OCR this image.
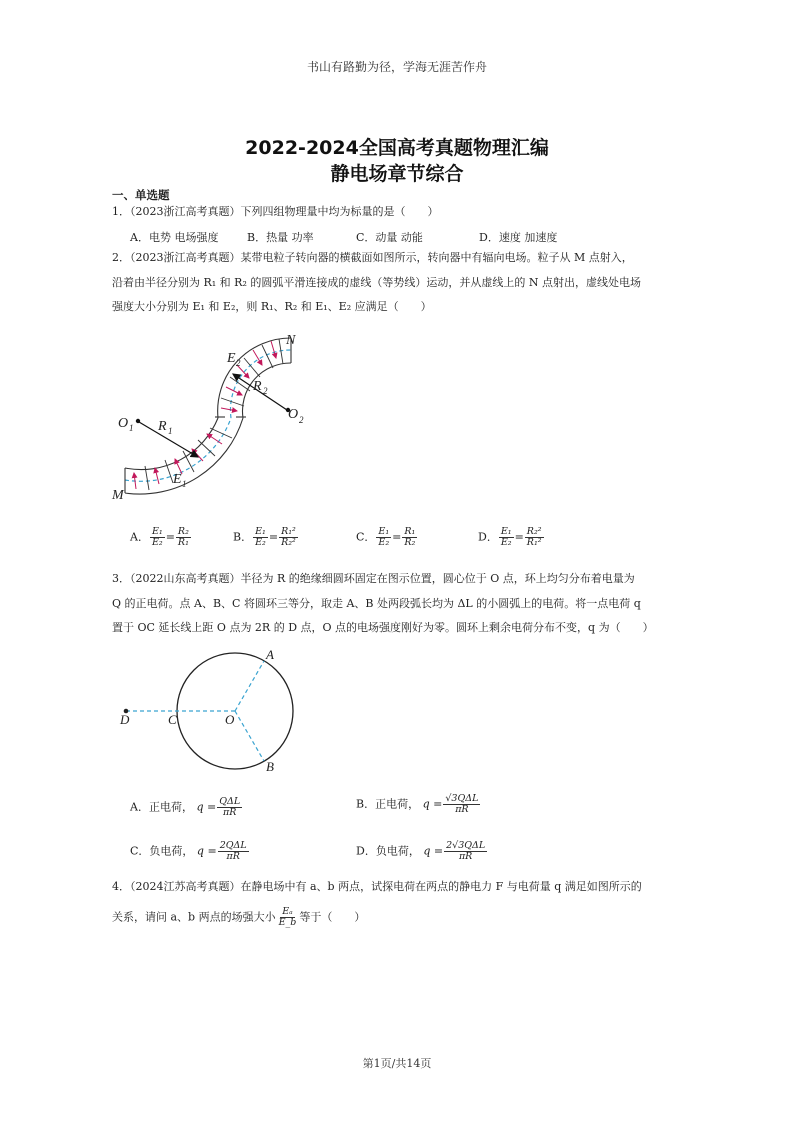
书山有路勤为径，学海无涯苦作舟
2022-2024全国高考真题物理汇编
静电场章节综合
一、单选题
1．（2023浙江高考真题）下列四组物理量中均为标量的是（　　）
A．电势 电场强度	B．热量 功率	C．动量 动能	D．速度 加速度
2．（2023浙江高考真题）某带电粒子转向器的横截面如图所示，转向器中有辐向电场。粒子从 M 点射入，
沿着由半径分别为 R₁ 和 R₂ 的圆弧平滑连接成的虚线（等势线）运动，并从虚线上的 N 点射出，虚线处电场
强度大小分别为 E₁ 和 E₂，则 R₁、R₂ 和 E₁、E₂ 应满足（　　）
N
M
O 1
O 2
R 1
R 2
E 2
E 1
A． $\frac{\text{E₁}}{\text{E₂}} = \frac{\text{R₂}}{\text{R₁}}$	B． $\frac{\text{E₁}}{\text{E₂}} = \frac{\text{R₁²}}{\text{R₂²}}$	C． $\frac{\text{E₁}}{\text{E₂}} = \frac{\text{R₁}}{\text{R₂}}$	D． $\frac{\text{E₁}}{\text{E₂}} = \frac{\text{R₂²}}{\text{R₁²}}$
3．（2022山东高考真题）半径为 R 的绝缘细圆环固定在图示位置，圆心位于 O 点，环上均匀分布着电量为
Q 的正电荷。点 A、B、C 将圆环三等分，取走 A、B 处两段弧长均为 ΔL 的小圆弧上的电荷。将一点电荷 q
置于 OC 延长线上距 O 点为 2R 的 D 点，O 点的电场强度刚好为零。圆环上剩余电荷分布不变，q 为（　　）
A
B
C
D	O
A．正电荷， $q = \frac{\text{QΔL}}{\pi R}$	B．正电荷， $q = \frac{\text{√3QΔL}}{\pi R}$
C．负电荷， $q = \frac{\text{2QΔL}}{\pi R}$	D．负电荷， $q = \frac{\text{2√3QΔL}}{\pi R}$
4．（2024江苏高考真题）在静电场中有 a、b 两点，试探电荷在两点的静电力 F 与电荷量 q 满足如图所示的
关系，请问 a、b 两点的场强大小 $\frac{\text{Eₐ}}{E\_b}$ 等于（　　）
第1页/共14页
